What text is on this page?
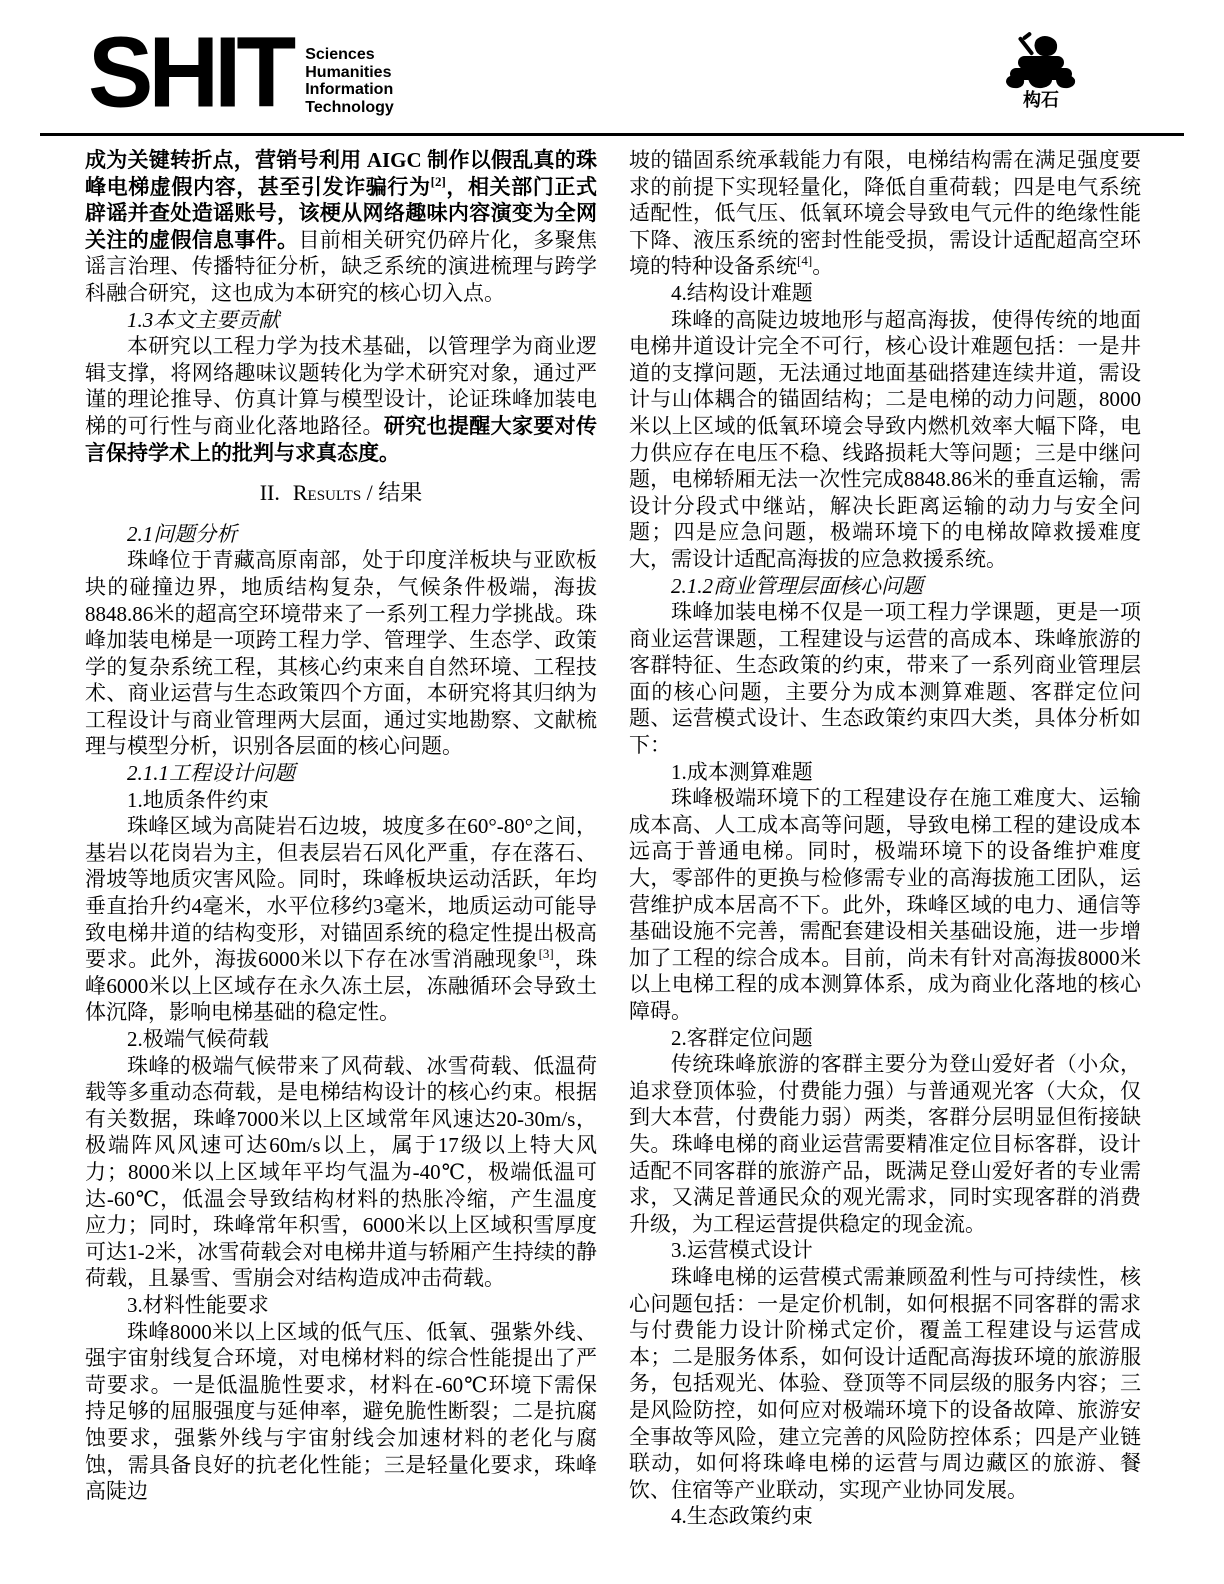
SHIT Sciences
Humanities
Information
Technology	构石

成为关键转折点，营销号利用 AIGC 制作以假乱真的珠峰电梯虚假内容，甚至引发诈骗行为[2]，相关部门正式辟谣并查处造谣账号，该梗从网络趣味内容演变为全网关注的虚假信息事件。目前相关研究仍碎片化，多聚焦谣言治理、传播特征分析，缺乏系统的演进梳理与跨学科融合研究，这也成为本研究的核心切入点。

1.3本文主要贡献

本研究以工程力学为技术基础，以管理学为商业逻辑支撑，将网络趣味议题转化为学术研究对象，通过严谨的理论推导、仿真计算与模型设计，论证珠峰加装电梯的可行性与商业化落地路径。研究也提醒大家要对传言保持学术上的批判与求真态度。

II. Results / 结果

2.1问题分析

珠峰位于青藏高原南部，处于印度洋板块与亚欧板块的碰撞边界，地质结构复杂，气候条件极端，海拔8848.86米的超高空环境带来了一系列工程力学挑战。珠峰加装电梯是一项跨工程力学、管理学、生态学、政策学的复杂系统工程，其核心约束来自自然环境、工程技术、商业运营与生态政策四个方面，本研究将其归纳为工程设计与商业管理两大层面，通过实地勘察、文献梳理与模型分析，识别各层面的核心问题。

2.1.1工程设计问题

1.地质条件约束

珠峰区域为高陡岩石边坡，坡度多在60°-80°之间，基岩以花岗岩为主，但表层岩石风化严重，存在落石、滑坡等地质灾害风险。同时，珠峰板块运动活跃，年均垂直抬升约4毫米，水平位移约3毫米，地质运动可能导致电梯井道的结构变形，对锚固系统的稳定性提出极高要求。此外，海拔6000米以下存在冰雪消融现象[3]，珠峰6000米以上区域存在永久冻土层，冻融循环会导致土体沉降，影响电梯基础的稳定性。

2.极端气候荷载

珠峰的极端气候带来了风荷载、冰雪荷载、低温荷载等多重动态荷载，是电梯结构设计的核心约束。根据有关数据，珠峰7000米以上区域常年风速达20-30m/s，极端阵风风速可达60m/s以上，属于17级以上特大风力；8000米以上区域年平均气温为-40℃，极端低温可达-60℃，低温会导致结构材料的热胀冷缩，产生温度应力；同时，珠峰常年积雪，6000米以上区域积雪厚度可达1-2米，冰雪荷载会对电梯井道与轿厢产生持续的静荷载，且暴雪、雪崩会对结构造成冲击荷载。

3.材料性能要求

珠峰8000米以上区域的低气压、低氧、强紫外线、强宇宙射线复合环境，对电梯材料的综合性能提出了严苛要求。一是低温脆性要求，材料在-60℃环境下需保持足够的屈服强度与延伸率，避免脆性断裂；二是抗腐蚀要求，强紫外线与宇宙射线会加速材料的老化与腐蚀，需具备良好的抗老化性能；三是轻量化要求，珠峰高陡边

坡的锚固系统承载能力有限，电梯结构需在满足强度要求的前提下实现轻量化，降低自重荷载；四是电气系统适配性，低气压、低氧环境会导致电气元件的绝缘性能下降、液压系统的密封性能受损，需设计适配超高空环境的特种设备系统[4]。

4.结构设计难题

珠峰的高陡边坡地形与超高海拔，使得传统的地面电梯井道设计完全不可行，核心设计难题包括：一是井道的支撑问题，无法通过地面基础搭建连续井道，需设计与山体耦合的锚固结构；二是电梯的动力问题，8000米以上区域的低氧环境会导致内燃机效率大幅下降，电力供应存在电压不稳、线路损耗大等问题；三是中继问题，电梯轿厢无法一次性完成8848.86米的垂直运输，需设计分段式中继站，解决长距离运输的动力与安全问题；四是应急问题，极端环境下的电梯故障救援难度大，需设计适配高海拔的应急救援系统。

2.1.2商业管理层面核心问题

珠峰加装电梯不仅是一项工程力学课题，更是一项商业运营课题，工程建设与运营的高成本、珠峰旅游的客群特征、生态政策的约束，带来了一系列商业管理层面的核心问题，主要分为成本测算难题、客群定位问题、运营模式设计、生态政策约束四大类，具体分析如下：

1.成本测算难题

珠峰极端环境下的工程建设存在施工难度大、运输成本高、人工成本高等问题，导致电梯工程的建设成本远高于普通电梯。同时，极端环境下的设备维护难度大，零部件的更换与检修需专业的高海拔施工团队，运营维护成本居高不下。此外，珠峰区域的电力、通信等基础设施不完善，需配套建设相关基础设施，进一步增加了工程的综合成本。目前，尚未有针对高海拔8000米以上电梯工程的成本测算体系，成为商业化落地的核心障碍。

2.客群定位问题

传统珠峰旅游的客群主要分为登山爱好者（小众，追求登顶体验，付费能力强）与普通观光客（大众，仅到大本营，付费能力弱）两类，客群分层明显但衔接缺失。珠峰电梯的商业运营需要精准定位目标客群，设计适配不同客群的旅游产品，既满足登山爱好者的专业需求，又满足普通民众的观光需求，同时实现客群的消费升级，为工程运营提供稳定的现金流。

3.运营模式设计

珠峰电梯的运营模式需兼顾盈利性与可持续性，核心问题包括：一是定价机制，如何根据不同客群的需求与付费能力设计阶梯式定价，覆盖工程建设与运营成本；二是服务体系，如何设计适配高海拔环境的旅游服务，包括观光、体验、登顶等不同层级的服务内容；三是风险防控，如何应对极端环境下的设备故障、旅游安全事故等风险，建立完善的风险防控体系；四是产业链联动，如何将珠峰电梯的运营与周边藏区的旅游、餐饮、住宿等产业联动，实现产业协同发展。

4.生态政策约束
